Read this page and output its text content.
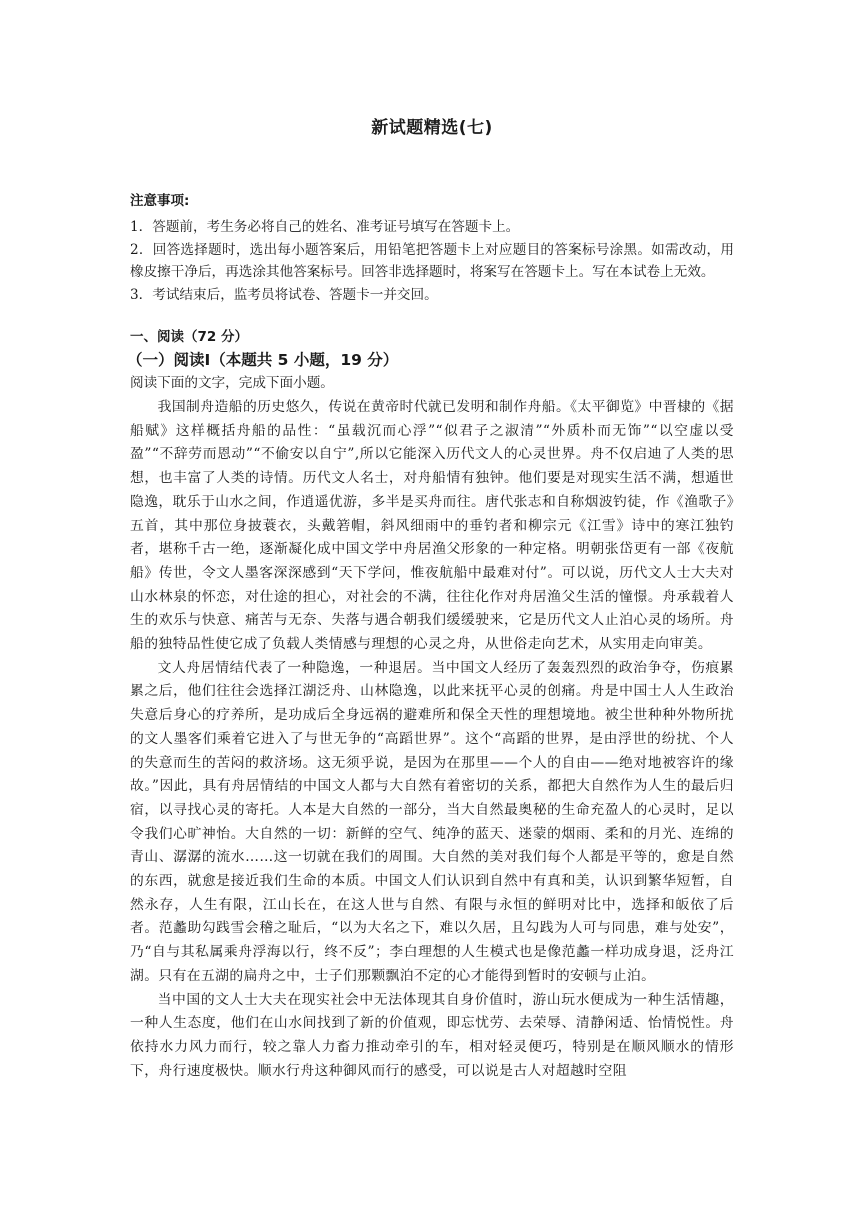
新试题精选(七)
注意事项:

1．答题前，考生务必将自己的姓名、准考证号填写在答题卡上。

2．回答选择题时，选出每小题答案后，用铅笔把答题卡上对应题目的答案标号涂黑。如需改动，用橡皮擦干净后，再选涂其他答案标号。回答非选择题时，将案写在答题卡上。写在本试卷上无效。

3．考试结束后，监考员将试卷、答题卡一并交回。

一、阅读（72 分）
（一）阅读Ⅰ（本题共 5 小题，19 分）
阅读下面的文字，完成下面小题。

我国制舟造船的历史悠久，传说在黄帝时代就已发明和制作舟船。《太平御览》中晋棣的《据船赋》这样概括舟船的品性：“虽载沉而心浮”“似君子之淑清”“外质朴而无饰”“以空虚以受盈”“不辞劳而恩动”“不偷安以自宁”,所以它能深入历代文人的心灵世界。舟不仅启迪了人类的思想，也丰富了人类的诗情。历代文人名士，对舟船情有独钟。他们要是对现实生活不满，想遁世隐逸，耽乐于山水之间，作逍遥优游，多半是买舟而往。唐代张志和自称烟波钓徒，作《渔歌子》五首，其中那位身披蓑衣，头戴箬帽，斜风细雨中的垂钓者和柳宗元《江雪》诗中的寒江独钓者，堪称千古一绝，逐渐凝化成中国文学中舟居渔父形象的一种定格。明朝张岱更有一部《夜航船》传世，令文人墨客深深感到“天下学问，惟夜航船中最难对付”。可以说，历代文人士大夫对山水林泉的怀恋，对仕途的担心，对社会的不满，往往化作对舟居渔父生活的憧憬。舟承载着人生的欢乐与快意、痛苦与无奈、失落与遇合朝我们缓缓驶来，它是历代文人止泊心灵的场所。舟船的独特品性使它成了负载人类情感与理想的心灵之舟，从世俗走向艺术，从实用走向审美。

文人舟居情结代表了一种隐逸，一种退居。当中国文人经历了轰轰烈烈的政治争夺，伤痕累累之后，他们往往会选择江湖泛舟、山林隐逸，以此来抚平心灵的创痛。舟是中国士人人生政治失意后身心的疗养所，是功成后全身远祸的避难所和保全天性的理想境地。被尘世种种外物所扰的文人墨客们乘着它进入了与世无争的“高蹈世界”。这个“高蹈的世界，是由浮世的纷扰、个人的失意而生的苦闷的救济场。这无须乎说，是因为在那里——个人的自由——绝对地被容许的缘故。”因此，具有舟居情结的中国文人都与大自然有着密切的关系，都把大自然作为人生的最后归宿，以寻找心灵的寄托。人本是大自然的一部分，当大自然最奥秘的生命充盈人的心灵时，足以令我们心旷神怡。大自然的一切：新鲜的空气、纯净的蓝天、迷蒙的烟雨、柔和的月光、连绵的青山、潺潺的流水……这一切就在我们的周围。大自然的美对我们每个人都是平等的，愈是自然的东西，就愈是接近我们生命的本质。中国文人们认识到自然中有真和美，认识到繁华短暂，自然永存，人生有限，江山长在，在这人世与自然、有限与永恒的鲜明对比中，选择和皈依了后者。范蠡助勾践雪会稽之耻后，“以为大名之下，难以久居，且勾践为人可与同患，难与处安”，乃“自与其私属乘舟浮海以行，终不反”；李白理想的人生模式也是像范蠡一样功成身退，泛舟江湖。只有在五湖的扁舟之中，士子们那颗飘泊不定的心才能得到暂时的安顿与止泊。

当中国的文人士大夫在现实社会中无法体现其自身价值时，游山玩水便成为一种生活情趣，一种人生态度，他们在山水间找到了新的价值观，即忘忧劳、去荣辱、清静闲适、怡情悦性。舟依持水力风力而行，较之靠人力畜力推动牵引的车，相对轻灵便巧，特别是在顺风顺水的情形下，舟行速度极快。顺水行舟这种御风而行的感受，可以说是古人对超越时空阻
